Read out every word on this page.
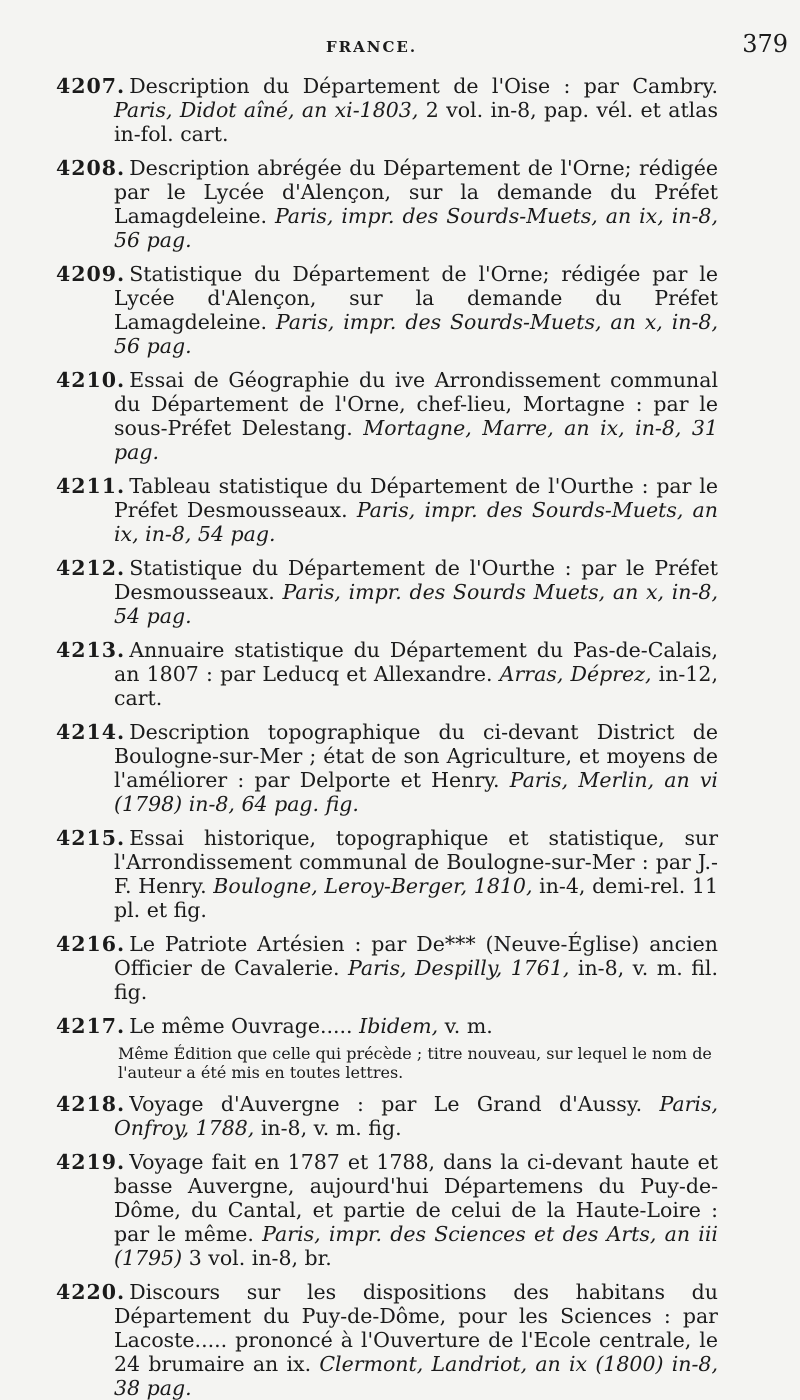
FRANCE.	379

4207. Description du Département de l'Oise : par Cambry. Paris, Didot aîné, an xi-1803, 2 vol. in-8, pap. vél. et atlas in-fol. cart.

4208. Description abrégée du Département de l'Orne; rédigée par le Lycée d'Alençon, sur la demande du Préfet Lamagdeleine. Paris, impr. des Sourds-Muets, an ix, in-8, 56 pag.

4209. Statistique du Département de l'Orne; rédigée par le Lycée d'Alençon, sur la demande du Préfet Lamagdeleine. Paris, impr. des Sourds-Muets, an x, in-8, 56 pag.

4210. Essai de Géographie du ive Arrondissement communal du Département de l'Orne, chef-lieu, Mortagne : par le sous-Préfet Delestang. Mortagne, Marre, an ix, in-8, 31 pag.

4211. Tableau statistique du Département de l'Ourthe : par le Préfet Desmousseaux. Paris, impr. des Sourds-Muets, an ix, in-8, 54 pag.

4212. Statistique du Département de l'Ourthe : par le Préfet Desmousseaux. Paris, impr. des Sourds Muets, an x, in-8, 54 pag.

4213. Annuaire statistique du Département du Pas-de-Calais, an 1807 : par Leducq et Allexandre. Arras, Déprez, in-12, cart.

4214. Description topographique du ci-devant District de Boulogne-sur-Mer ; état de son Agriculture, et moyens de l'améliorer : par Delporte et Henry. Paris, Merlin, an vi (1798) in-8, 64 pag. fig.

4215. Essai historique, topographique et statistique, sur l'Arrondissement communal de Boulogne-sur-Mer : par J.-F. Henry. Boulogne, Leroy-Berger, 1810, in-4, demi-rel. 11 pl. et fig.

4216. Le Patriote Artésien : par De*** (Neuve-Église) ancien Officier de Cavalerie. Paris, Despilly, 1761, in-8, v. m. fil. fig.

4217. Le même Ouvrage..... Ibidem, v. m.

Même Édition que celle qui précède ; titre nouveau, sur lequel le nom de l'auteur a été mis en toutes lettres.

4218. Voyage d'Auvergne : par Le Grand d'Aussy. Paris, Onfroy, 1788, in-8, v. m. fig.

4219. Voyage fait en 1787 et 1788, dans la ci-devant haute et basse Auvergne, aujourd'hui Départemens du Puy-de-Dôme, du Cantal, et partie de celui de la Haute-Loire : par le même. Paris, impr. des Sciences et des Arts, an iii (1795) 3 vol. in-8, br.

4220. Discours sur les dispositions des habitans du Département du Puy-de-Dôme, pour les Sciences : par Lacoste..... prononcé à l'Ouverture de l'Ecole centrale, le 24 brumaire an ix. Clermont, Landriot, an ix (1800) in-8, 38 pag.
